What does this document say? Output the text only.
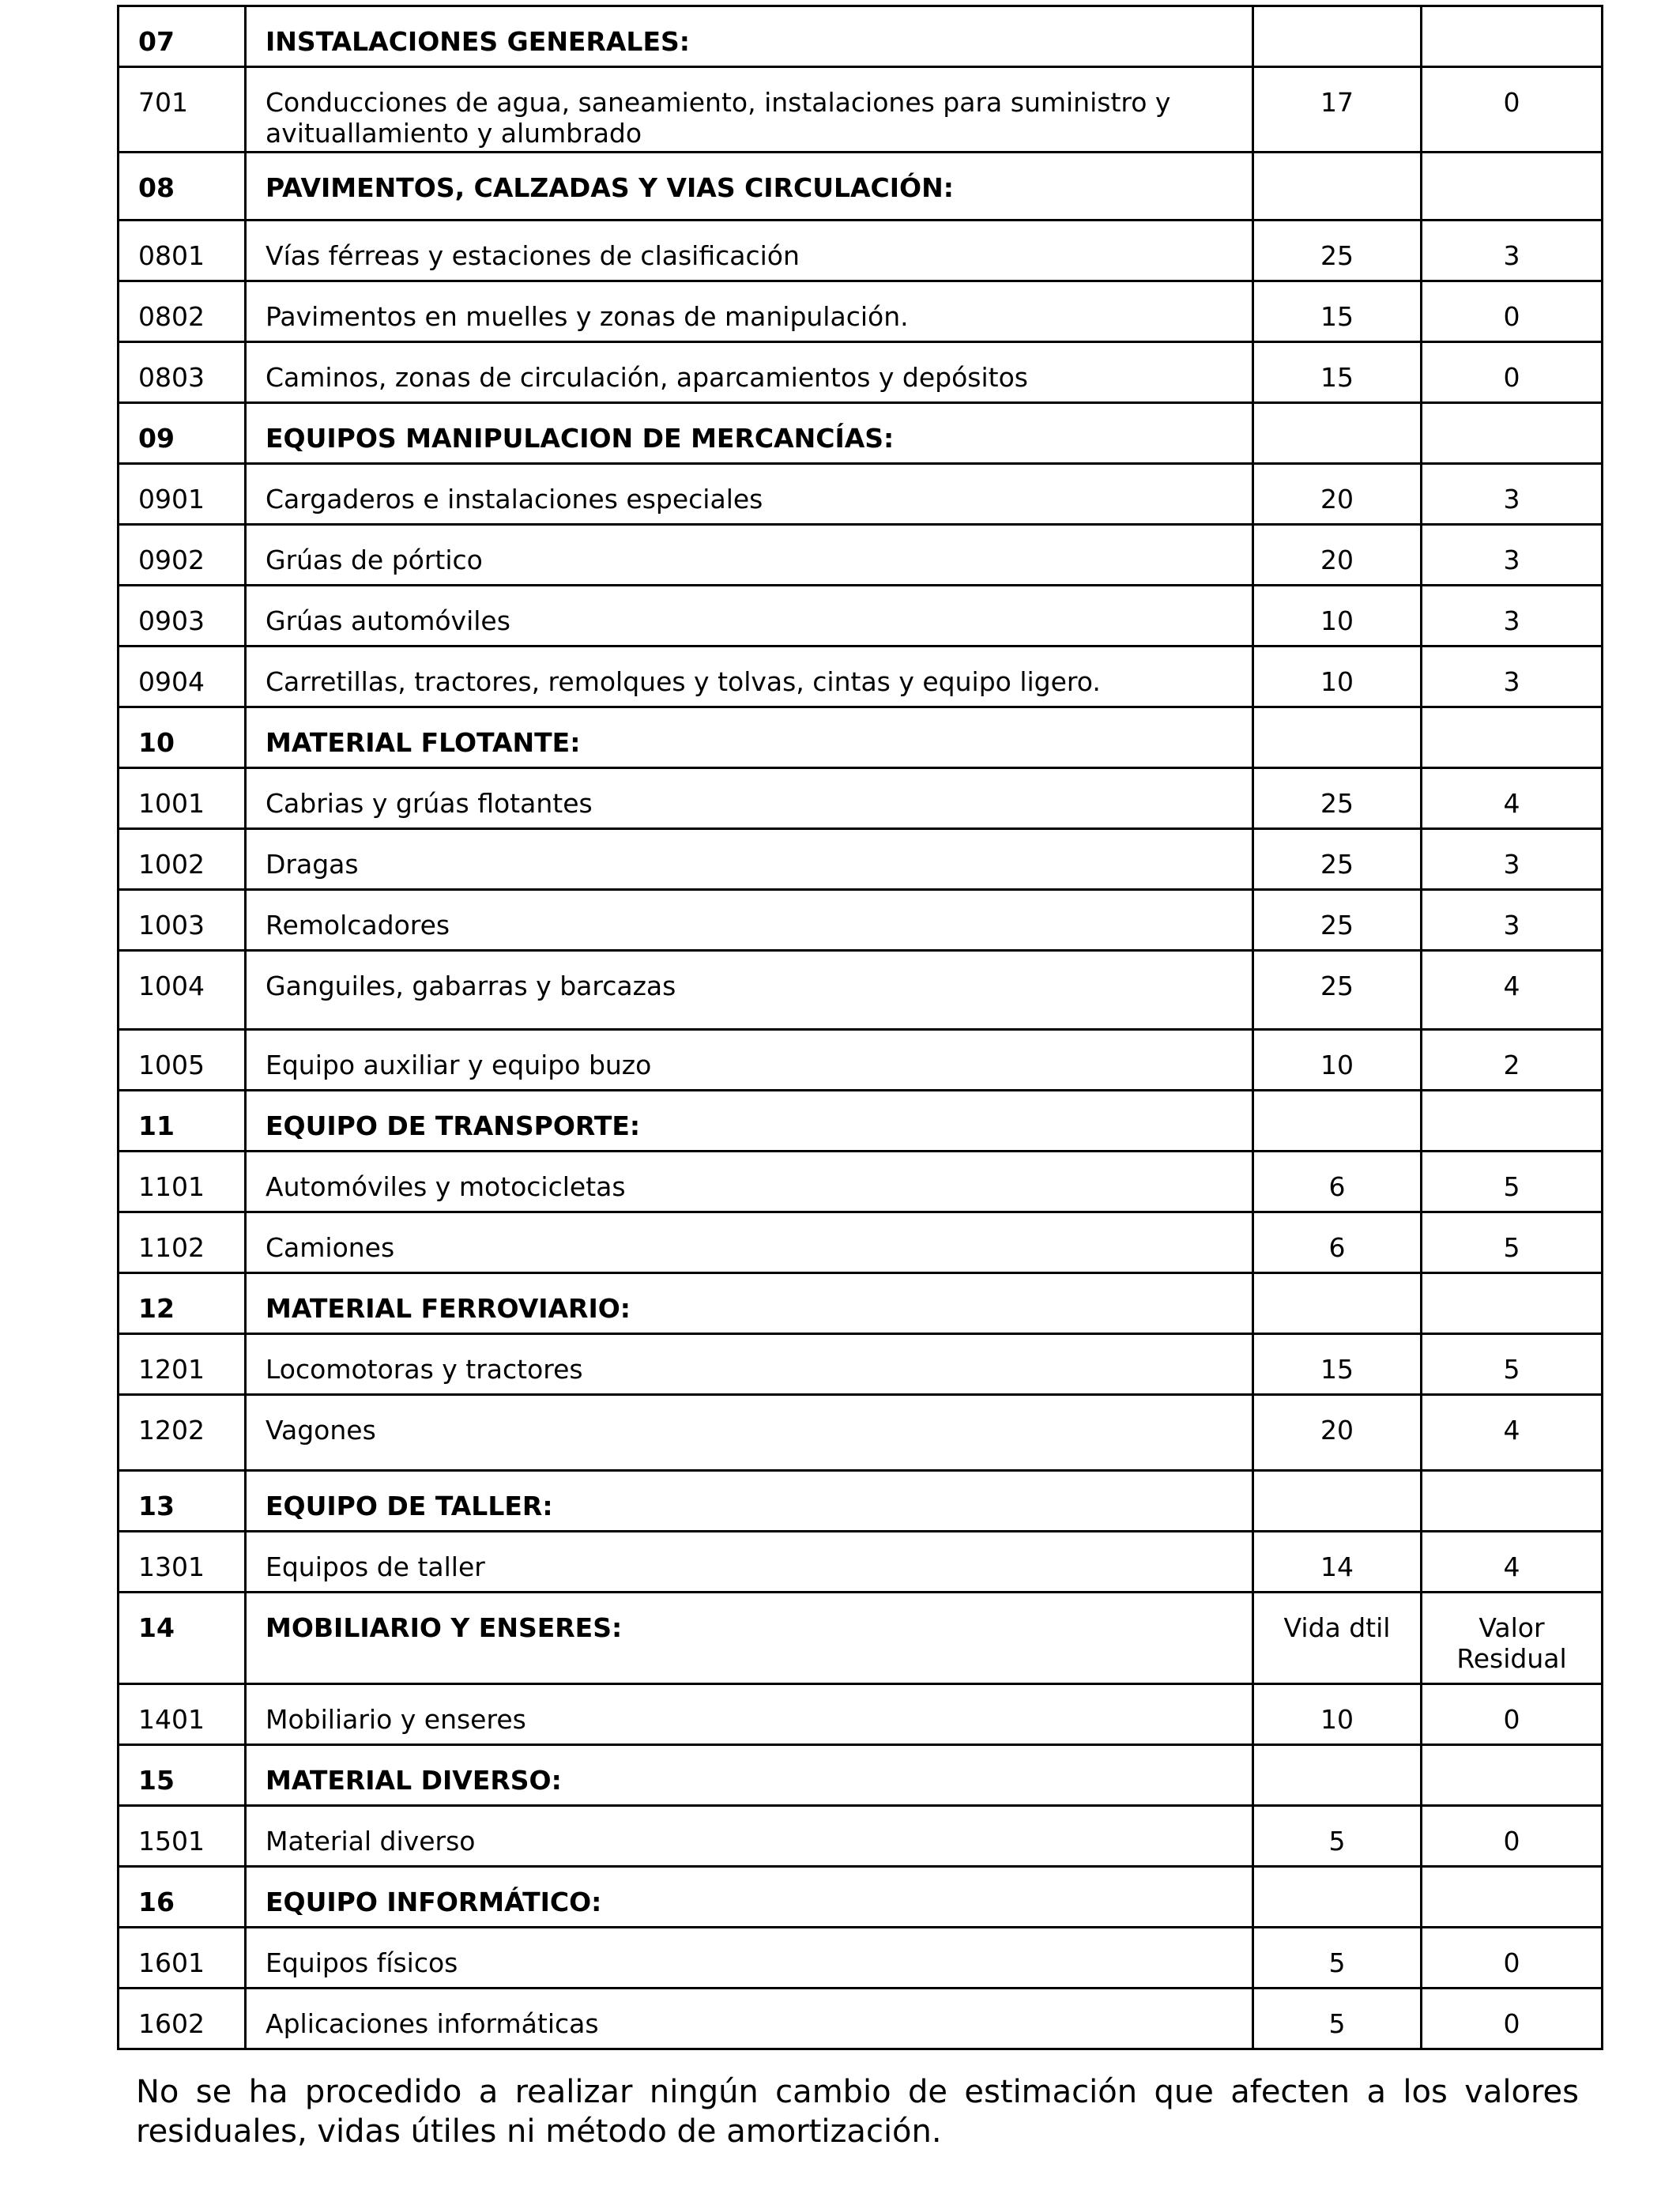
07	INSTALACIONES GENERALES:		
701	Conducciones de agua, saneamiento, instalaciones para suministro y avituallamiento y alumbrado	17	0
08	PAVIMENTOS, CALZADAS Y VIAS CIRCULACIÓN:		
0801	Vías férreas y estaciones de clasificación	25	3
0802	Pavimentos en muelles y zonas de manipulación.	15	0
0803	Caminos, zonas de circulación, aparcamientos y depósitos	15	0
09	EQUIPOS MANIPULACION DE MERCANCÍAS:		
0901	Cargaderos e instalaciones especiales	20	3
0902	Grúas de pórtico	20	3
0903	Grúas automóviles	10	3
0904	Carretillas, tractores, remolques y tolvas, cintas y equipo ligero.	10	3
10	MATERIAL FLOTANTE:		
1001	Cabrias y grúas flotantes	25	4
1002	Dragas	25	3
1003	Remolcadores	25	3
1004	Ganguiles, gabarras y barcazas	25	4
1005	Equipo auxiliar y equipo buzo	10	2
11	EQUIPO DE TRANSPORTE:		
1101	Automóviles y motocicletas	6	5
1102	Camiones	6	5
12	MATERIAL FERROVIARIO:		
1201	Locomotoras y tractores	15	5
1202	Vagones	20	4
13	EQUIPO DE TALLER:		
1301	Equipos de taller	14	4
14	MOBILIARIO Y ENSERES:	Vida dtil	Valor Residual
1401	Mobiliario y enseres	10	0
15	MATERIAL DIVERSO:		
1501	Material diverso	5	0
16	EQUIPO INFORMÁTICO:		
1601	Equipos físicos	5	0
1602	Aplicaciones informáticas	5	0

No se ha procedido a realizar ningún cambio de estimación que afecten a los valores residuales, vidas útiles ni método de amortización.
